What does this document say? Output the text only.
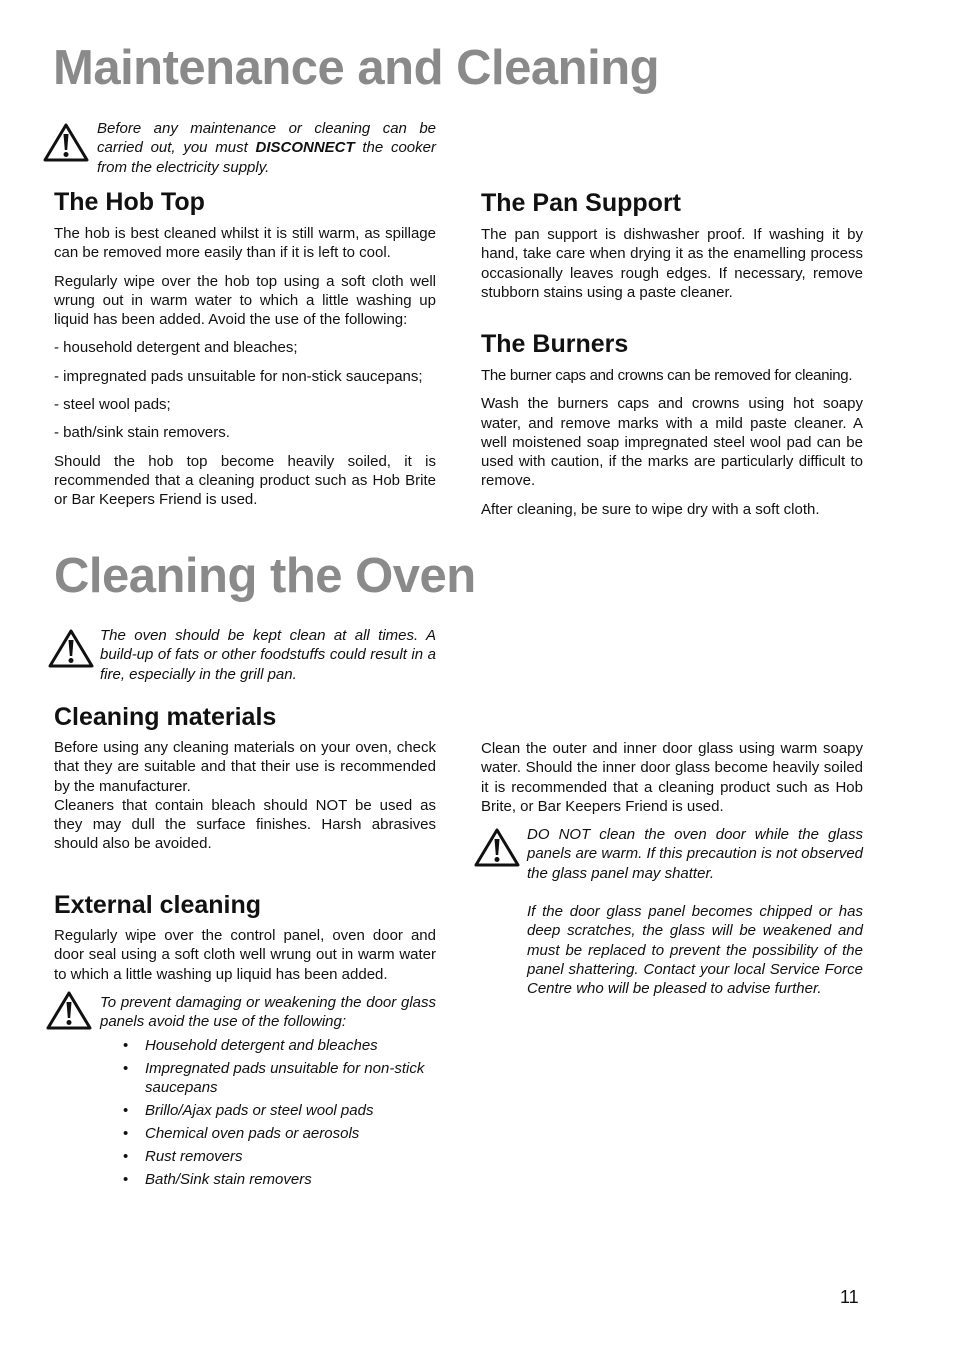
Maintenance and Cleaning

Before any maintenance or cleaning can be carried out, you must DISCONNECT the cooker from the electricity supply.

The Hob Top

The hob is best cleaned whilst it is still warm, as spillage can be removed more easily than if it is left to cool.

Regularly wipe over the hob top using a soft cloth well wrung out in warm water to which a little washing up liquid has been added. Avoid the use of the following:

- household detergent and bleaches;

- impregnated pads unsuitable for non-stick saucepans;

- steel wool pads;

- bath/sink stain removers.

Should the hob top become heavily soiled, it is recommended that a cleaning product such as Hob Brite or Bar Keepers Friend is used.

The Pan Support

The pan support is dishwasher proof. If washing it by hand, take care when drying it as the enamelling process occasionally leaves rough edges. If necessary, remove stubborn stains using a paste cleaner.

The Burners

The burner caps and crowns can be removed for cleaning.

Wash the burners caps and crowns using hot soapy water, and remove marks with a mild paste cleaner. A well moistened soap impregnated steel wool pad can be used with caution, if the marks are particularly difficult to remove.

After cleaning, be sure to wipe dry with a soft cloth.

Cleaning the Oven

The oven should be kept clean at all times. A build-up of fats or other foodstuffs could result in a fire, especially in the grill pan.

Cleaning materials

Before using any cleaning materials on your oven, check that they are suitable and that their use is recommended by the manufacturer.

Cleaners that contain bleach should NOT be used as they may dull the surface finishes. Harsh abrasives should also be avoided.

External cleaning

Regularly wipe over the control panel, oven door and door seal using a soft cloth well wrung out in warm water to which a little washing up liquid has been added.

To prevent damaging or weakening the door glass panels avoid the use of the following:

• Household detergent and bleaches
• Impregnated pads unsuitable for non-stick saucepans
• Brillo/Ajax pads or steel wool pads
• Chemical oven pads or aerosols
• Rust removers
• Bath/Sink stain removers

Clean the outer and inner door glass using warm soapy water. Should the inner door glass become heavily soiled it is recommended that a cleaning product such as Hob Brite, or Bar Keepers Friend is used.

DO NOT clean the oven door while the glass panels are warm. If this precaution is not observed the glass panel may shatter.

If the door glass panel becomes chipped or has deep scratches, the glass will be weakened and must be replaced to prevent the possibility of the panel shattering. Contact your local Service Force Centre who will be pleased to advise further.

11
